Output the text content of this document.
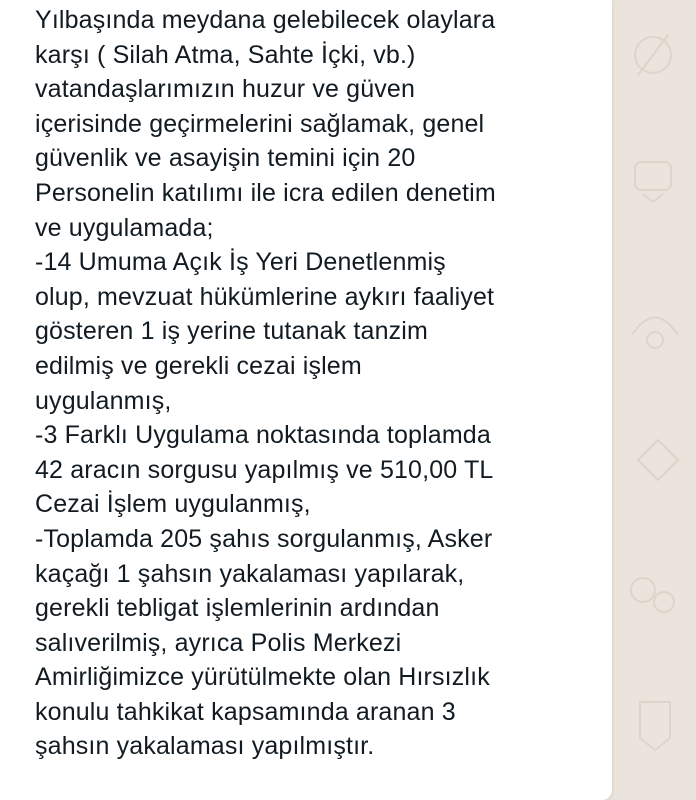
Yılbaşında meydana gelebilecek olaylara
karşı ( Silah Atma, Sahte İçki, vb.)
vatandaşlarımızın huzur ve güven
içerisinde geçirmelerini sağlamak, genel
güvenlik ve asayişin temini için 20
Personelin katılımı ile icra edilen denetim
ve uygulamada;
-14 Umuma Açık İş Yeri Denetlenmiş
olup, mevzuat hükümlerine aykırı faaliyet
gösteren 1 iş yerine tutanak tanzim
edilmiş ve gerekli cezai işlem
uygulanmış,
-3 Farklı Uygulama noktasında toplamda
42 aracın sorgusu yapılmış ve 510,00 TL
Cezai İşlem uygulanmış,
-Toplamda 205 şahıs sorgulanmış, Asker
kaçağı 1 şahsın yakalaması yapılarak,
gerekli tebligat işlemlerinin ardından
salıverilmiş, ayrıca Polis Merkezi
Amirliğimizce yürütülmekte olan Hırsızlık
konulu tahkikat kapsamında aranan 3
şahsın yakalaması yapılmıştır.
